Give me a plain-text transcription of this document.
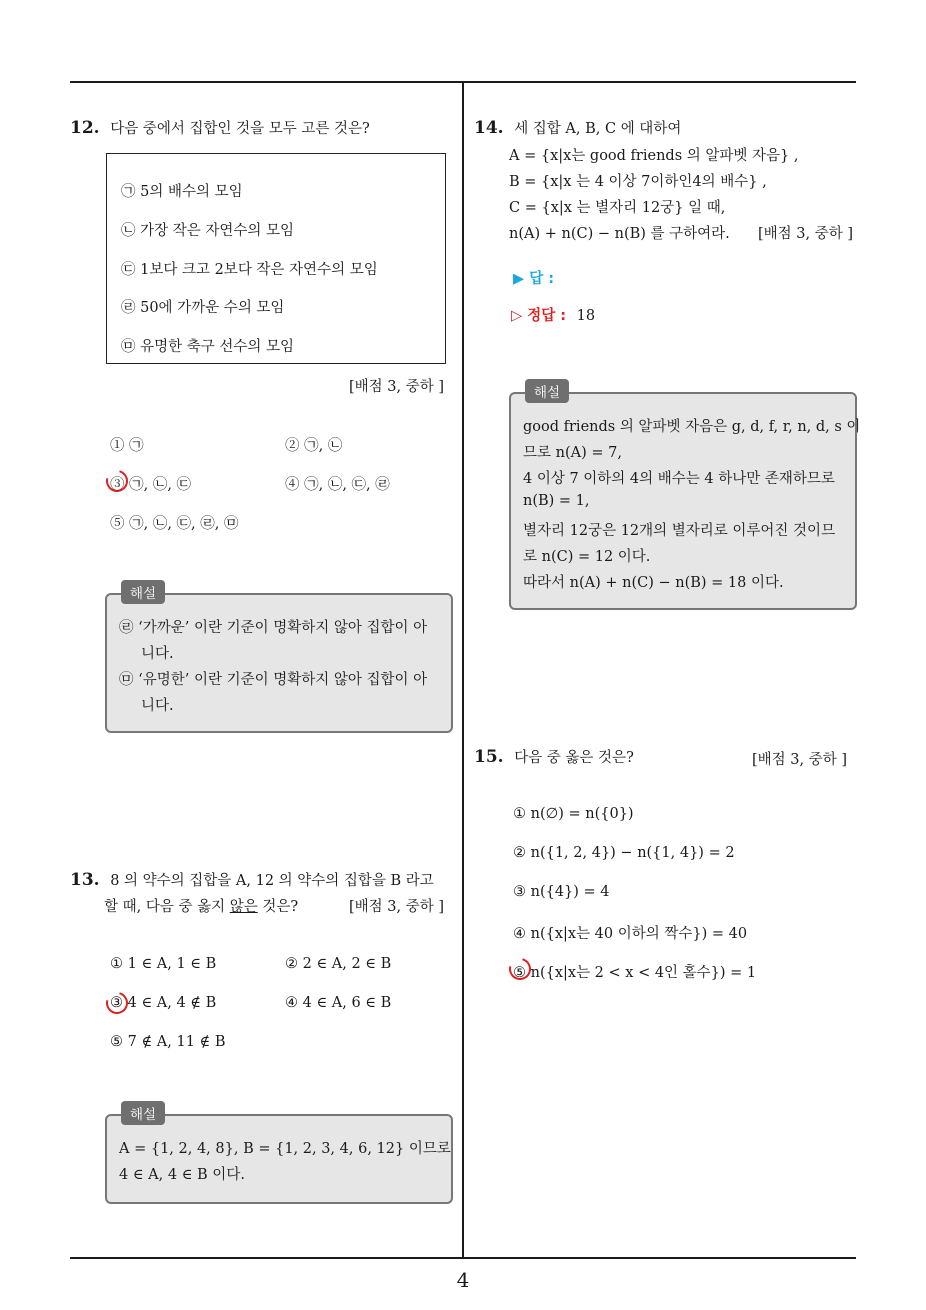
4
12. 다음 중에서 집합인 것을 모두 고른 것은?
㉠ 5의 배수의 모임
㉡ 가장 작은 자연수의 모임
㉢ 1보다 크고 2보다 작은 자연수의 모임
㉣ 50에 가까운 수의 모임
㉤ 유명한 축구 선수의 모임
[배점 3, 중하 ]
① ㉠	② ㉠, ㉡
③ ㉠, ㉡, ㉢	④ ㉠, ㉡, ㉢, ㉣
⑤ ㉠, ㉡, ㉢, ㉣, ㉤
해설
㉣ ‘가까운’ 이란 기준이 명확하지 않아 집합이 아
니다.
㉤ ‘유명한’ 이란 기준이 명확하지 않아 집합이 아
니다.
13. 8 의 약수의 집합을 A, 12 의 약수의 집합을 B 라고
할 때, 다음 중 옳지 않은 것은?	[배점 3, 중하 ]
① 1 ∈ A, 1 ∈ B	② 2 ∈ A, 2 ∈ B
③ 4 ∈ A, 4 ∉ B	④ 4 ∈ A, 6 ∈ B
⑤ 7 ∉ A, 11 ∉ B
해설
A = {1, 2, 4, 8}, B = {1, 2, 3, 4, 6, 12} 이므로
4 ∈ A, 4 ∈ B 이다.
14. 세 집합 A, B, C 에 대하여
A = {x|x는 good friends 의 알파벳 자음} ,
B = {x|x 는 4 이상 7이하인4의 배수} ,
C = {x|x 는 별자리 12궁} 일 때,
n(A) + n(C) − n(B) 를 구하여라. [배점 3, 중하 ]
▶ 답 :
▷ 정답 : 18
해설
good friends 의 알파벳 자음은 g, d, f, r, n, d, s 이
므로 n(A) = 7,
4 이상 7 이하의 4의 배수는 4 하나만 존재하므로
n(B) = 1,
별자리 12궁은 12개의 별자리로 이루어진 것이므
로 n(C) = 12 이다.
따라서 n(A) + n(C) − n(B) = 18 이다.
15. 다음 중 옳은 것은?	[배점 3, 중하 ]
① n(∅) = n({0})
② n({1, 2, 4}) − n({1, 4}) = 2
③ n({4}) = 4
④ n({x|x는 40 이하의 짝수}) = 40
⑤ n({x|x는 2 < x < 4인 홀수}) = 1
